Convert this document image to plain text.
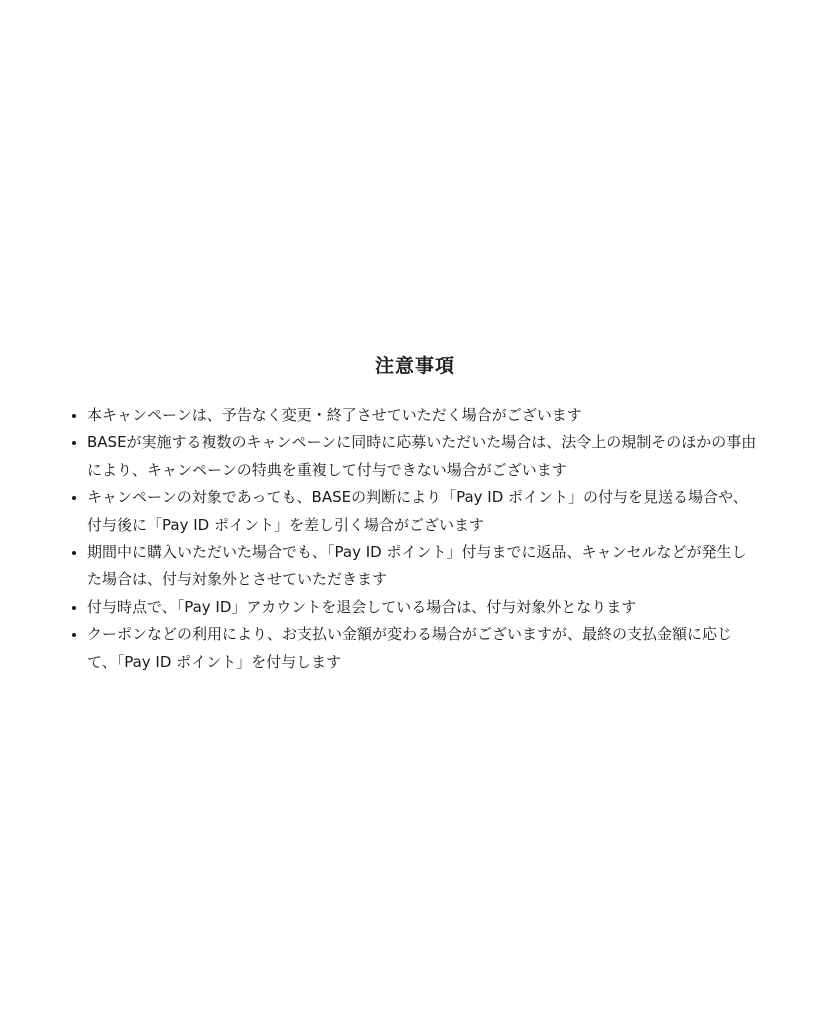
注意事項
本キャンペーンは、予告なく変更・終了させていただく場合がございます
BASEが実施する複数のキャンペーンに同時に応募いただいた場合は、法令上の規制そのほかの事由により、キャンペーンの特典を重複して付与できない場合がございます
キャンペーンの対象であっても、BASEの判断により「Pay ID ポイント」の付与を見送る場合や、付与後に「Pay ID ポイント」を差し引く場合がございます
期間中に購入いただいた場合でも、「Pay ID ポイント」付与までに返品、キャンセルなどが発生した場合は、付与対象外とさせていただきます
付与時点で、「Pay ID」アカウントを退会している場合は、付与対象外となります
クーポンなどの利用により、お支払い金額が変わる場合がございますが、最終の支払金額に応じて、「Pay ID ポイント」を付与します
